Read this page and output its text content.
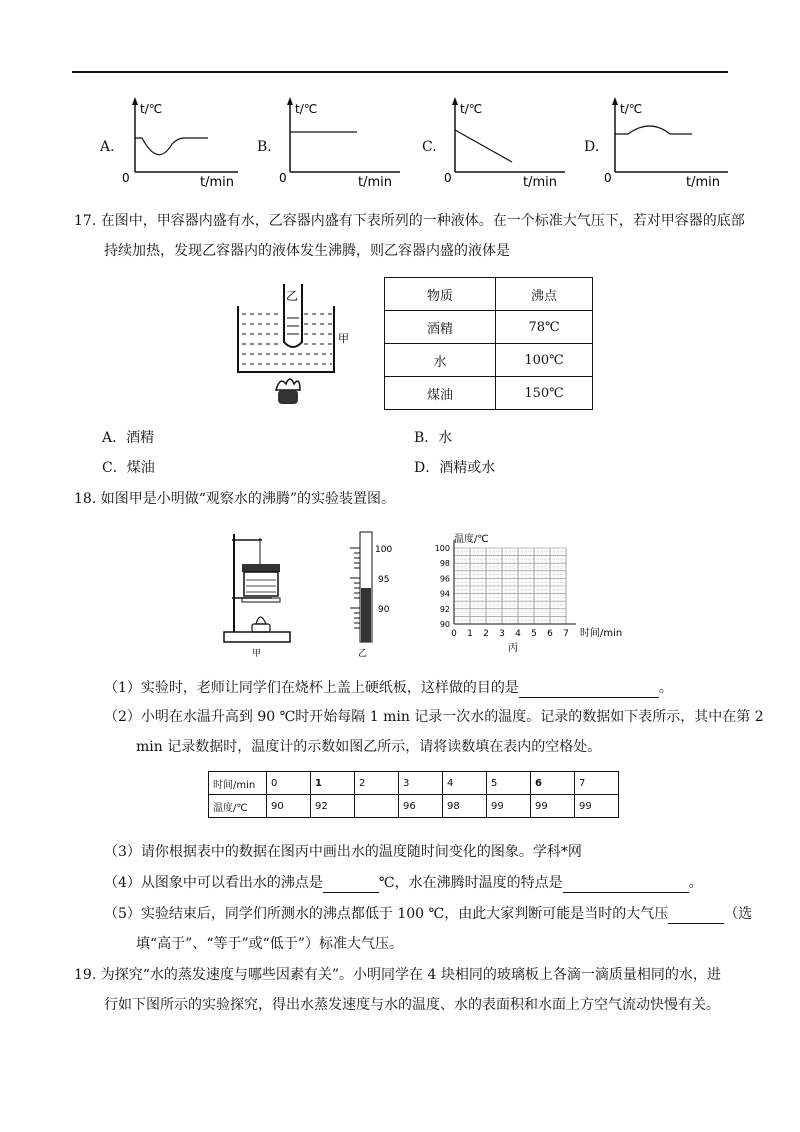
A.
t/℃
0	t/min
B.
t/℃
0	t/min
C.
t/℃
0	t/min
D.
t/℃
0	t/min
17. 在图中，甲容器内盛有水，乙容器内盛有下表所列的一种液体。在一个标准大气压下，若对甲容器的底部
持续加热，发现乙容器内的液体发生沸腾，则乙容器内盛的液体是
乙
甲
物质	沸点
酒精	78℃
水	100℃
煤油	150℃
A．酒精	B．水
C．煤油	D．酒精或水
18. 如图甲是小明做“观察水的沸腾”的实验装置图。
甲
100
95
90
乙
温度/℃
时间/min
丙
100
98
96
94
92
90
0 1 2 3 4 5 6 7
（1）实验时，老师让同学们在烧杯上盖上硬纸板，这样做的目的是	。
（2）小明在水温升高到 90 ℃时开始每隔 1 min 记录一次水的温度。记录的数据如下表所示，其中在第 2
min 记录数据时，温度计的示数如图乙所示，请将读数填在表内的空格处。
时间/min	0	1	2	3	4	5	6	7
温度/℃	90	92		96	98	99	99	99
（3）请你根据表中的数据在图丙中画出水的温度随时间变化的图象。学科*网
（4）从图象中可以看出水的沸点是	℃，水在沸腾时温度的特点是	。
（5）实验结束后，同学们所测水的沸点都低于 100 ℃，由此大家判断可能是当时的大气压	（选
填“高于”、“等于”或“低于”）标准大气压。
19. 为探究“水的蒸发速度与哪些因素有关”。小明同学在 4 块相同的玻璃板上各滴一滴质量相同的水，进
行如下图所示的实验探究，得出水蒸发速度与水的温度、水的表面积和水面上方空气流动快慢有关。
